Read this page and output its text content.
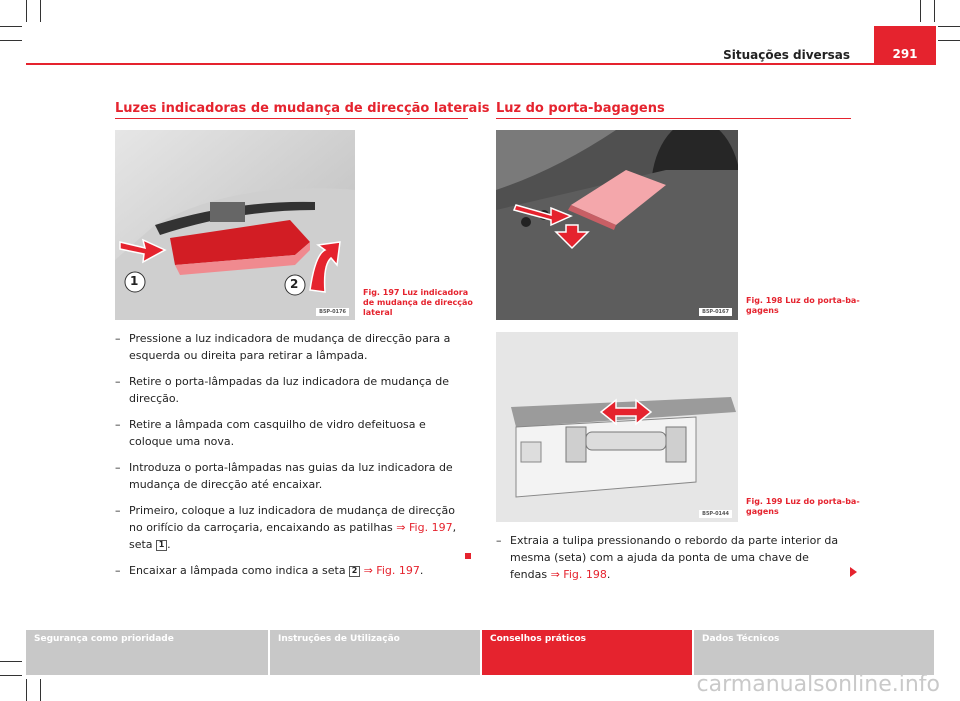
Situações diversas	291
Luzes indicadoras de mudança de direcção laterais
1	2
B5P-0176
Fig. 197 Luz indicadora
de mudança de direcção
lateral
– Pressione a luz indicadora de mudança de direcção para a esquerda ou direita para retirar a lâmpada.
– Retire o porta-lâmpadas da luz indicadora de mudança de direcção.
– Retire a lâmpada com casquilho de vidro defeituosa e coloque uma nova.
– Introduza o porta-lâmpadas nas guias da luz indicadora de mudança de direcção até encaixar.
– Primeiro, coloque a luz indicadora de mudança de direcção no orifício da carroçaria, encaixando as patilhas ⇒ Fig. 197, seta 1 .
– Encaixar a lâmpada como indica a seta 2 ⇒ Fig. 197.
Luz do porta-bagagens
B5P-0167
Fig. 198 Luz do porta-ba-
gagens
B5P-0144
Fig. 199 Luz do porta-ba-
gagens
– Extraia a tulipa pressionando o rebordo da parte interior da mesma (seta) com a ajuda da ponta de uma chave de fendas ⇒ Fig. 198.
Segurança como prioridade	Instruções de Utilização	Conselhos práticos	Dados Técnicos
carmanualsonline.info
